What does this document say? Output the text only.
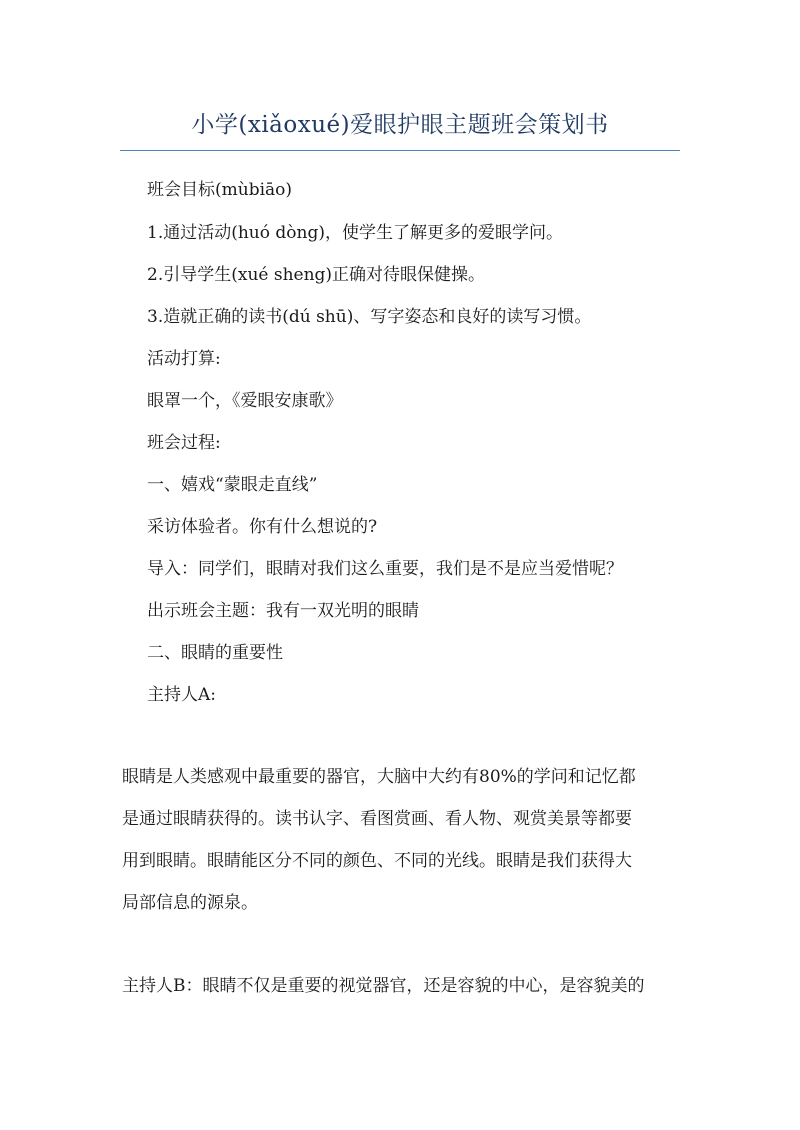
小学(xiǎoxué)爱眼护眼主题班会策划书
班会目标(mùbiāo)
1.通过活动(huó dòng)，使学生了解更多的爱眼学问。
2.引导学生(xué sheng)正确对待眼保健操。
3.造就正确的读书(dú shū)、写字姿态和良好的读写习惯。
活动打算:
眼罩一个，《爱眼安康歌》
班会过程:
一、嬉戏“蒙眼走直线”
采访体验者。你有什么想说的?
导入：同学们，眼睛对我们这么重要，我们是不是应当爱惜呢？
出示班会主题：我有一双光明的眼睛
二、眼睛的重要性
主持人A:
眼睛是人类感观中最重要的器官，大脑中大约有80%的学问和记忆都
是通过眼睛获得的。读书认字、看图赏画、看人物、观赏美景等都要
用到眼睛。眼睛能区分不同的颜色、不同的光线。眼睛是我们获得大
局部信息的源泉。
主持人B：眼睛不仅是重要的视觉器官，还是容貌的中心，是容貌美的
